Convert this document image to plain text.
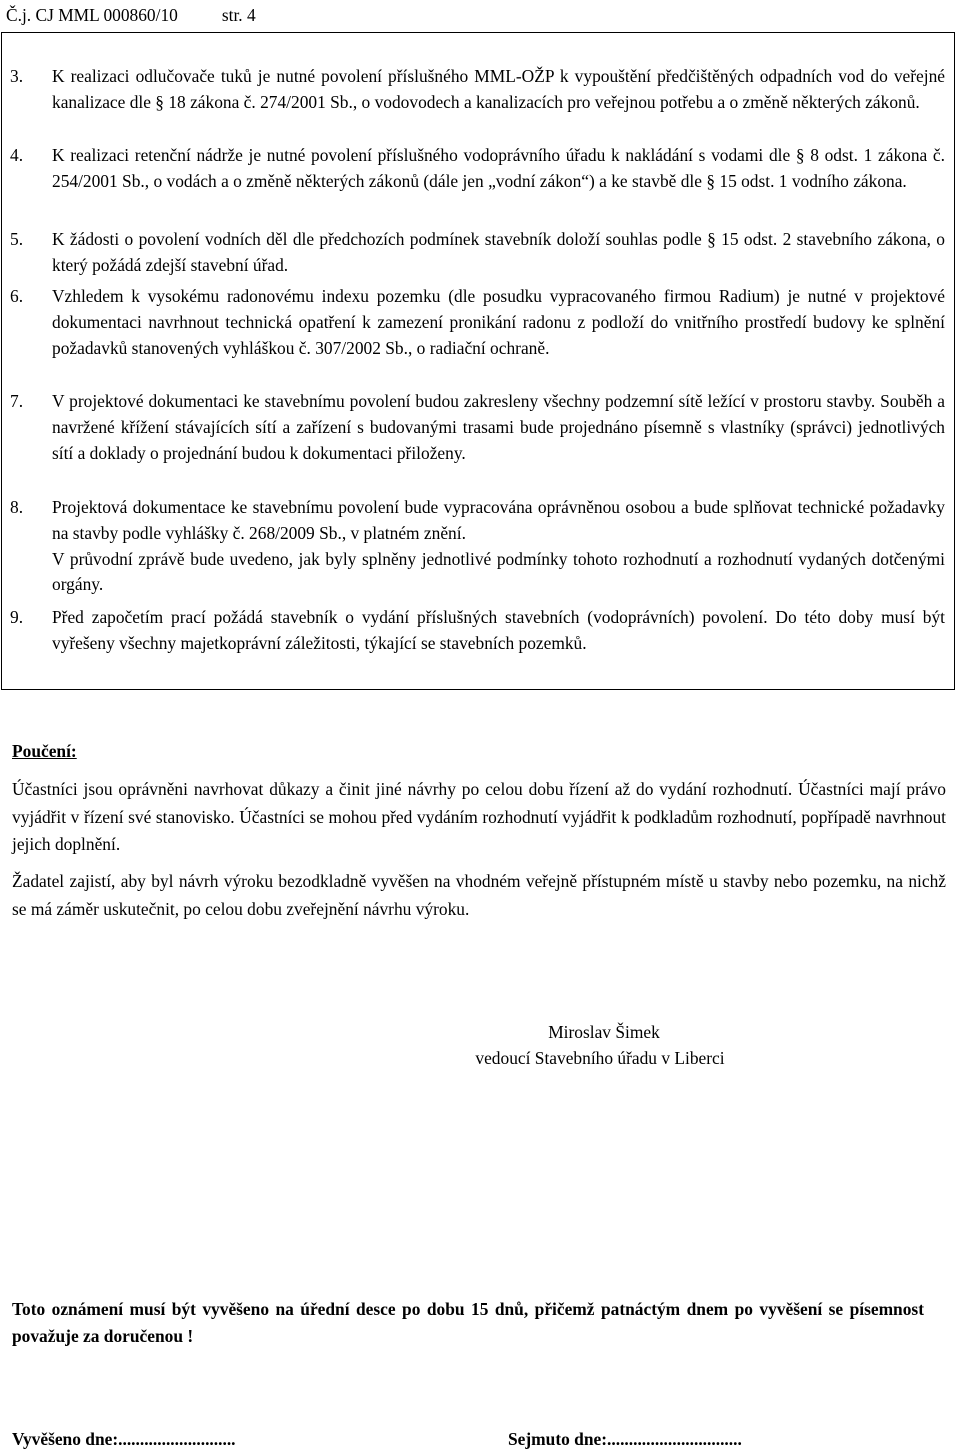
Č.j. CJ MML 000860/10	str. 4
3.	K realizaci odlučovače tuků je nutné povolení příslušného MML-OŽP k vypouštění předčištěných odpadních vod do veřejné kanalizace dle § 18 zákona č. 274/2001 Sb., o vodovodech a kanalizacích pro veřejnou potřebu a o změně některých zákonů.

4.	K realizaci retenční nádrže je nutné povolení příslušného vodoprávního úřadu k nakládání s vodami dle § 8 odst. 1 zákona č. 254/2001 Sb., o vodách a o změně některých zákonů (dále jen „vodní zákon“) a ke stavbě dle § 15 odst. 1 vodního zákona.

5.	K žádosti o povolení vodních děl dle předchozích podmínek stavebník doloží souhlas podle § 15 odst. 2 stavebního zákona, o který požádá zdejší stavební úřad.

6.	Vzhledem k vysokému radonovému indexu pozemku (dle posudku vypracovaného firmou Radium) je nutné v projektové dokumentaci navrhnout technická opatření k zamezení pronikání radonu z podloží do vnitřního prostředí budovy ke splnění požadavků stanovených vyhláškou č. 307/2002 Sb., o radiační ochraně.

7.	V projektové dokumentaci ke stavebnímu povolení budou zakresleny všechny podzemní sítě ležící v prostoru stavby. Souběh a navržené křížení stávajících sítí a zařízení s budovanými trasami bude projednáno písemně s vlastníky (správci) jednotlivých sítí a doklady o projednání budou k dokumentaci přiloženy.

8.	Projektová dokumentace ke stavebnímu povolení bude vypracována oprávněnou osobou a bude splňovat technické požadavky na stavby podle vyhlášky č. 268/2009 Sb., v platném znění.

V průvodní zprávě bude uvedeno, jak byly splněny jednotlivé podmínky tohoto rozhodnutí a rozhodnutí vydaných dotčenými orgány.

9.	Před započetím prací požádá stavebník o vydání příslušných stavebních (vodoprávních) povolení. Do této doby musí být vyřešeny všechny majetkoprávní záležitosti, týkající se stavebních pozemků.

Poučení:

Účastníci jsou oprávněni navrhovat důkazy a činit jiné návrhy po celou dobu řízení až do vydání rozhodnutí. Účastníci mají právo vyjádřit v řízení své stanovisko. Účastníci se mohou před vydáním rozhodnutí vyjádřit k podkladům rozhodnutí, popřípadě navrhnout jejich doplnění.

Žadatel zajistí, aby byl návrh výroku bezodkladně vyvěšen na vhodném veřejně přístupném místě u stavby nebo pozemku, na nichž se má záměr uskutečnit, po celou dobu zveřejnění návrhu výroku.

Miroslav Šimek
vedoucí Stavebního úřadu v Liberci

Toto oznámení musí být vyvěšeno na úřední desce po dobu 15 dnů, přičemž patnáctým dnem po vyvěšení se písemnost považuje za doručenou !

Vyvěšeno dne:...........................	Sejmuto dne:...............................
